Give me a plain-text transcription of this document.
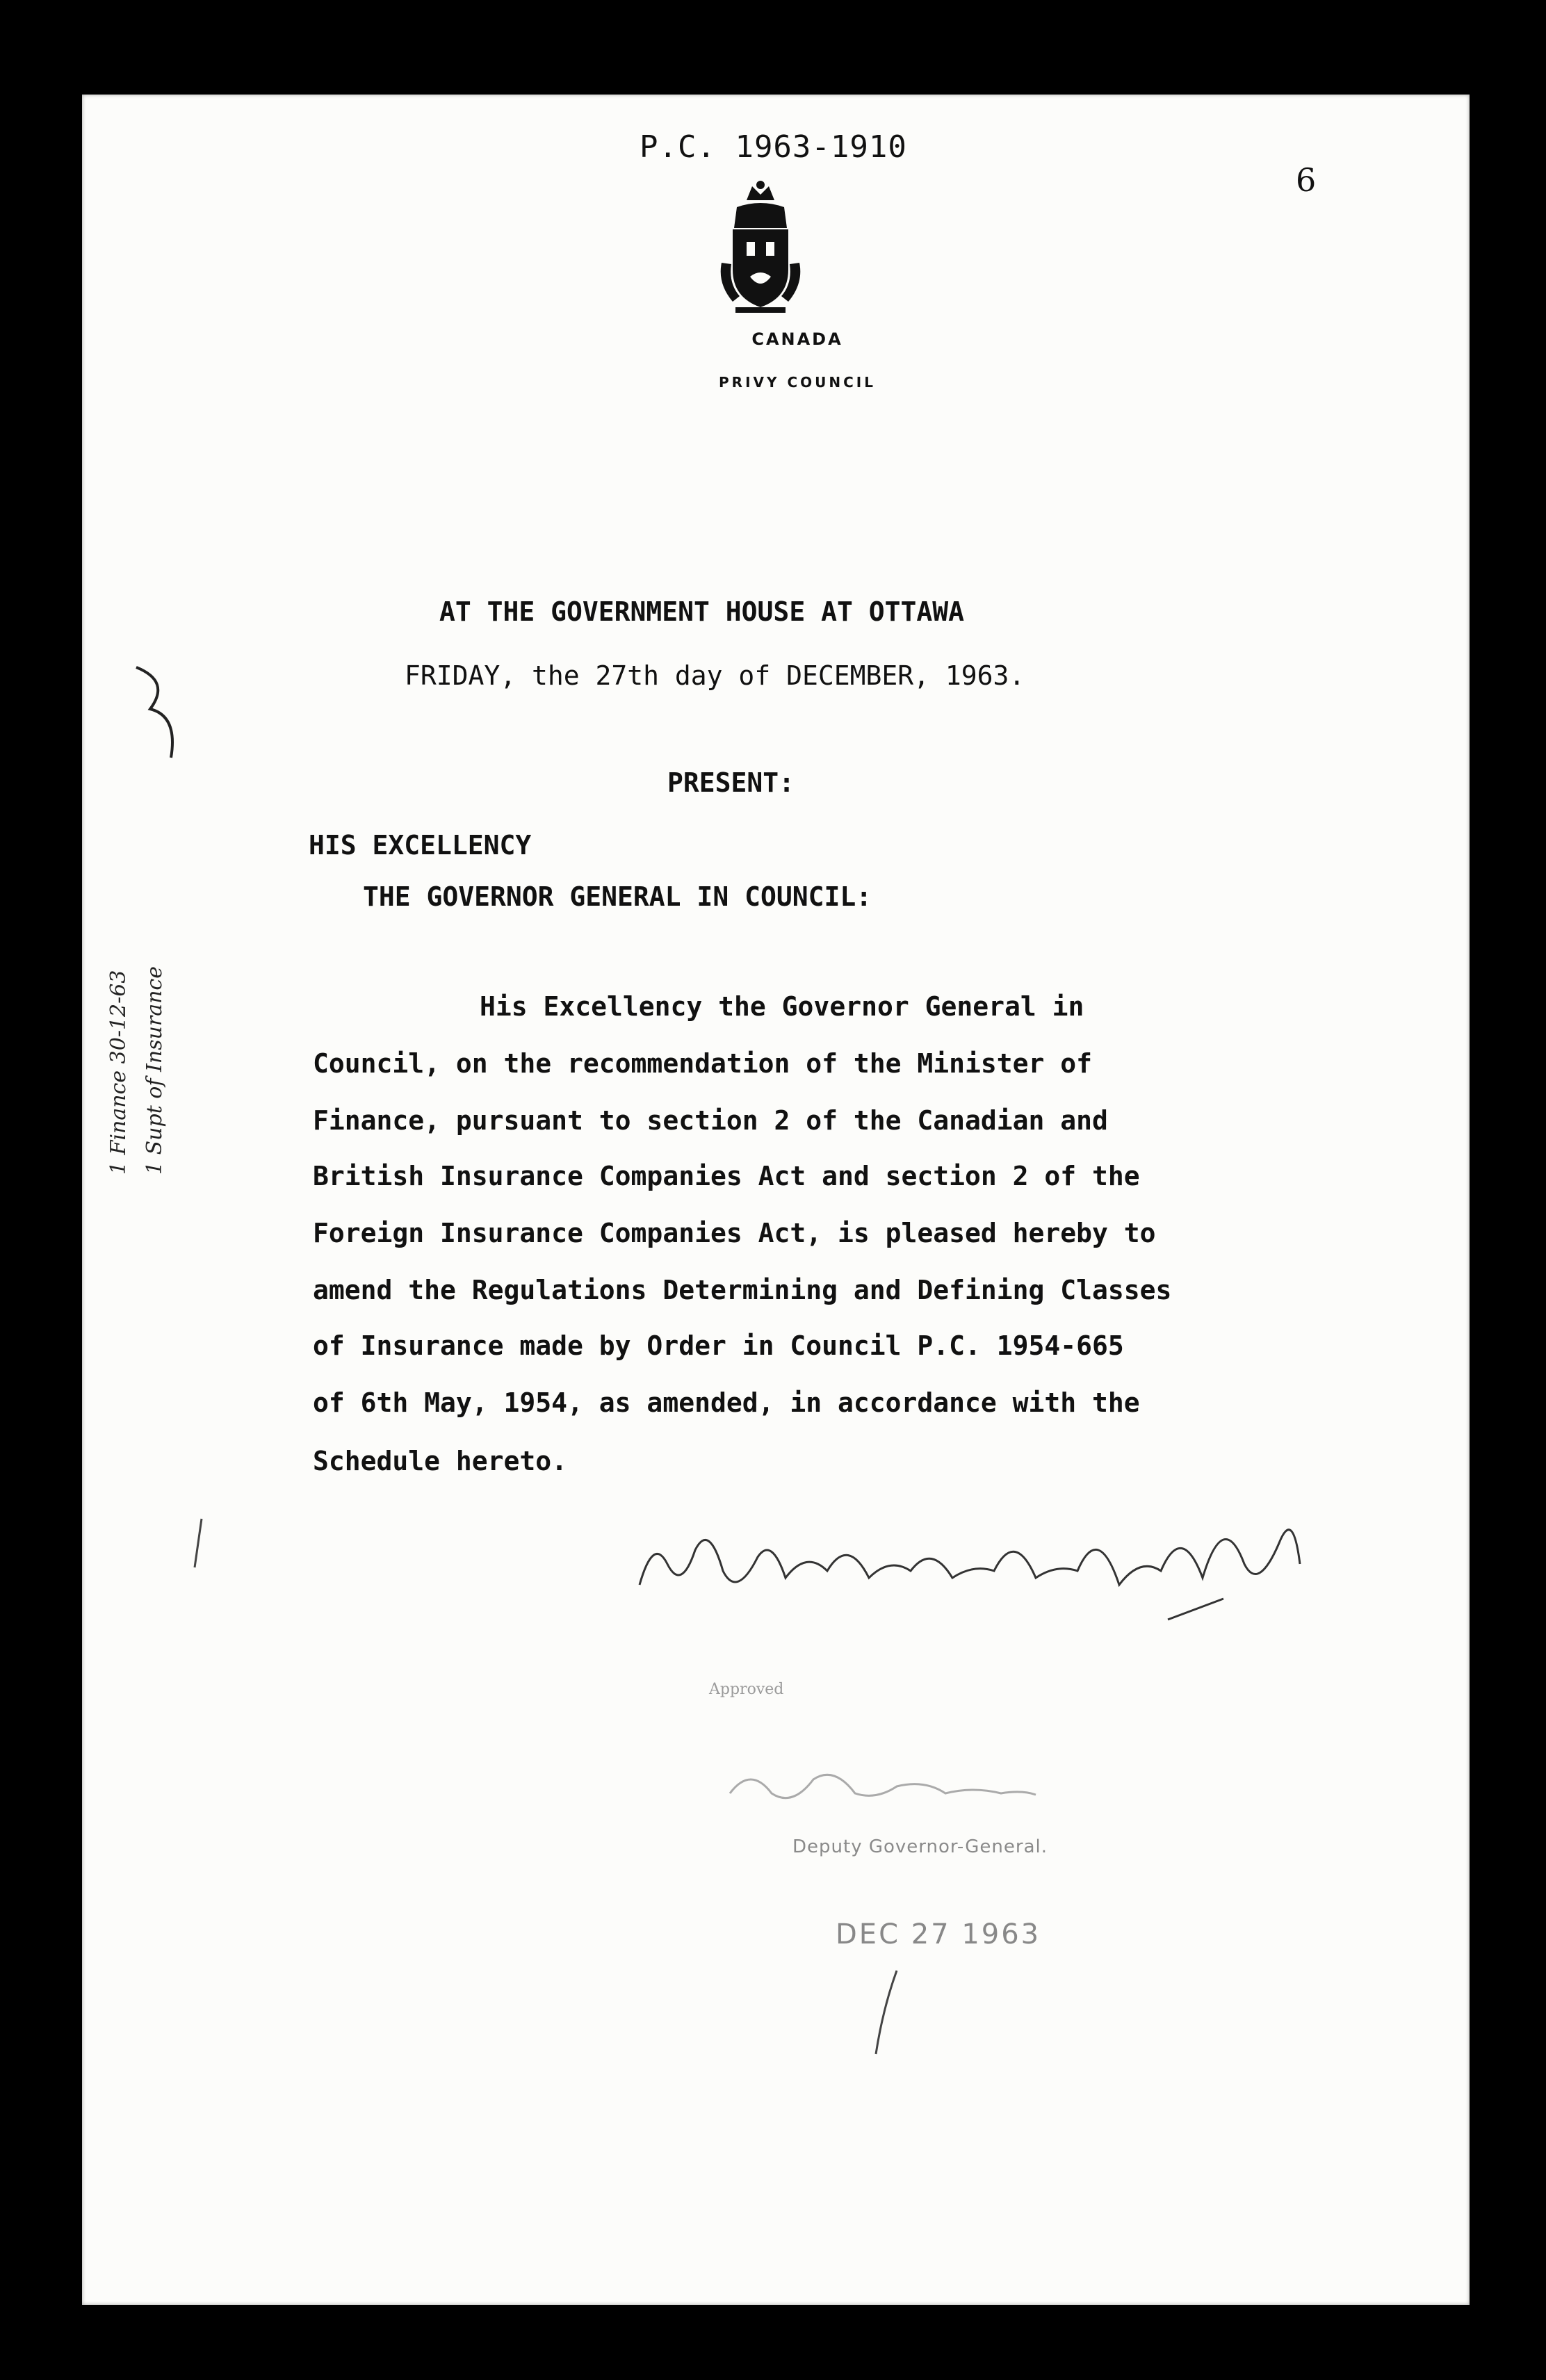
P.C. 1963-1910
6
CANADA
PRIVY COUNCIL
AT THE GOVERNMENT HOUSE AT OTTAWA
FRIDAY, the 27th day of DECEMBER, 1963.
PRESENT:
HIS EXCELLENCY
THE GOVERNOR GENERAL IN COUNCIL:
His Excellency the Governor General in
Council, on the recommendation of the Minister of
Finance, pursuant to section 2 of the Canadian and
British Insurance Companies Act and section 2 of the
Foreign Insurance Companies Act, is pleased hereby to
amend the Regulations Determining and Defining Classes
of Insurance made by Order in Council P.C. 1954-665
of 6th May, 1954, as amended, in accordance with the
Schedule hereto.
Approved
Deputy Governor-General.
DEC 27 1963
1 Finance 30-12-63 1 Supt of Insurance
